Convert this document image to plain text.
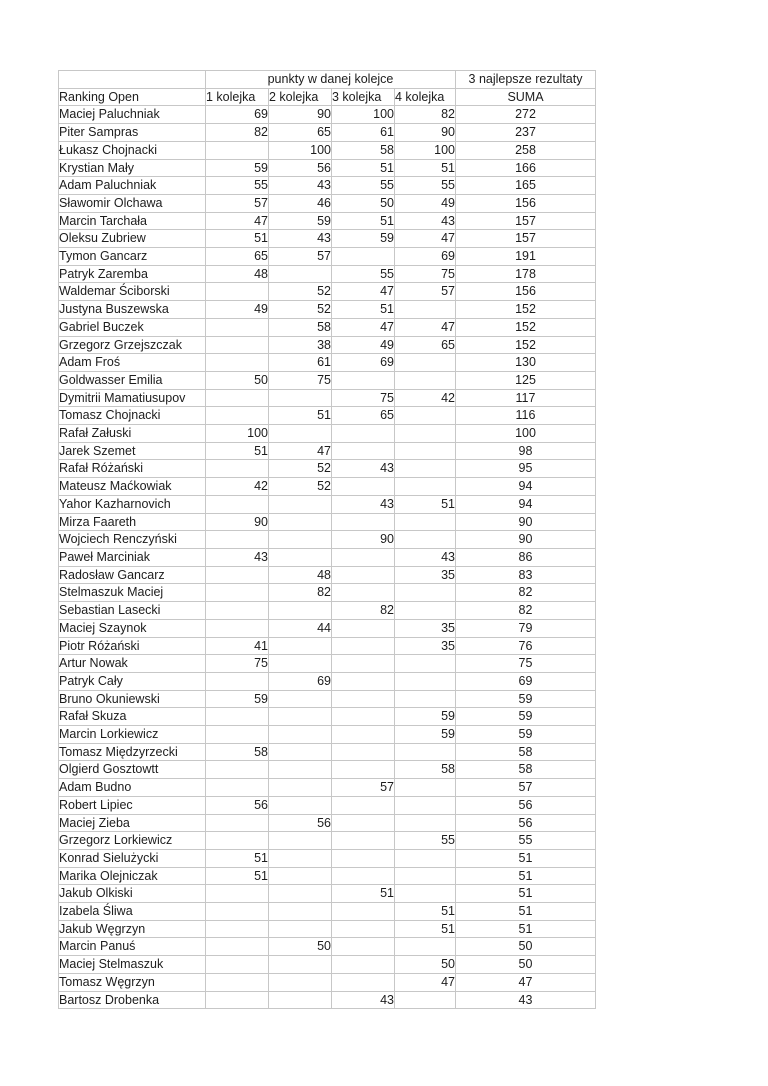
	punkty w danej kolejce				3 najlepsze rezultaty
Ranking Open	1 kolejka	2 kolejka	3 kolejka	4 kolejka	SUMA
Maciej Paluchniak	69	90	100	82	272
Piter Sampras	82	65	61	90	237
Łukasz Chojnacki		100	58	100	258
Krystian Mały	59	56	51	51	166
Adam Paluchniak	55	43	55	55	165
Sławomir Olchawa	57	46	50	49	156
Marcin Tarchała	47	59	51	43	157
Oleksu Zubriew	51	43	59	47	157
Tymon Gancarz	65	57		69	191
Patryk Zaremba	48		55	75	178
Waldemar Ściborski		52	47	57	156
Justyna Buszewska	49	52	51		152
Gabriel Buczek		58	47	47	152
Grzegorz Grzejszczak		38	49	65	152
Adam Froś		61	69		130
Goldwasser Emilia	50	75			125
Dymitrii Mamatiusupov			75	42	117
Tomasz Chojnacki		51	65		116
Rafał Załuski	100				100
Jarek Szemet	51	47			98
Rafał Różański		52	43		95
Mateusz Maćkowiak	42	52			94
Yahor Kazharnovich			43	51	94
Mirza Faareth	90				90
Wojciech Renczyński			90		90
Paweł Marciniak	43			43	86
Radosław Gancarz		48		35	83
Stelmaszuk Maciej		82			82
Sebastian Lasecki			82		82
Maciej Szaynok		44		35	79
Piotr Różański	41			35	76
Artur Nowak	75				75
Patryk Cały		69			69
Bruno Okuniewski	59				59
Rafał Skuza				59	59
Marcin Lorkiewicz				59	59
Tomasz Międzyrzecki	58				58
Olgierd Gosztowtt				58	58
Adam Budno			57		57
Robert Lipiec	56				56
Maciej Zieba		56			56
Grzegorz Lorkiewicz				55	55
Konrad Sielużycki	51				51
Marika Olejniczak	51				51
Jakub Olkiski			51		51
Izabela Śliwa				51	51
Jakub Węgrzyn				51	51
Marcin Panuś		50			50
Maciej Stelmaszuk				50	50
Tomasz Węgrzyn				47	47
Bartosz Drobenka			43		43
